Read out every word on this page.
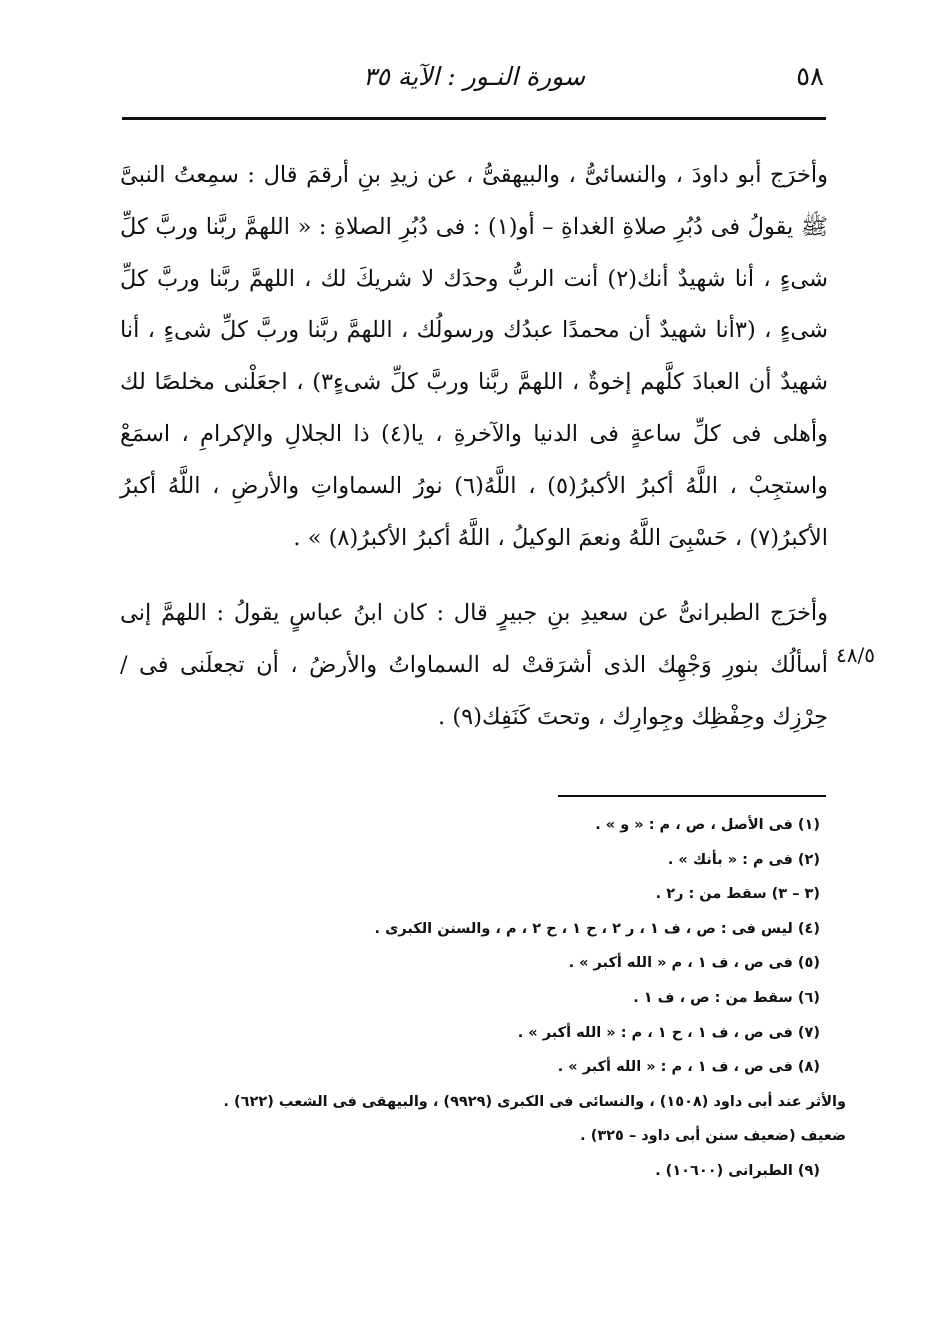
٥٨
سورة النـور : الآية ٣٥

وأخرَج أبو داودَ ، والنسائىُّ ، والبيهقىُّ ، عن زيدِ بنِ أرقمَ قال : سمِعتُ النبىَّ ﷺ يقولُ فى دُبُرِ صلاةِ الغداةِ – أو(١) : فى دُبُرِ الصلاةِ : « اللهمَّ ربَّنا وربَّ كلِّ شىءٍ ، أنا شهيدٌ أنك(٢) أنت الربُّ وحدَك لا شريكَ لك ، اللهمَّ ربَّنا وربَّ كلِّ شىءٍ ، (٣أنا شهيدٌ أن محمدًا عبدُك ورسولُك ، اللهمَّ ربَّنا وربَّ كلِّ شىءٍ ، أنا شهيدٌ أن العبادَ كلَّهم إخوةٌ ، اللهمَّ ربَّنا وربَّ كلِّ شىءٍ٣) ، اجعَلْنى مخلصًا لك وأهلى فى كلِّ ساعةٍ فى الدنيا والآخرةِ ، يا(٤) ذا الجلالِ والإكرامِ ، اسمَعْ واستجِبْ ، اللَّهُ أكبرُ الأكبرُ(٥) ، اللَّهُ(٦) نورُ السماواتِ والأرضِ ، اللَّهُ أكبرُ الأكبرُ(٧) ، حَسْبِىَ اللَّهُ ونعمَ الوكيلُ ، اللَّهُ أكبرُ الأكبرُ(٨) » .

وأخرَج الطبرانىُّ عن سعيدِ بنِ جبيرٍ قال : كان ابنُ عباسٍ يقولُ : اللهمَّ إنى أسألُك بنورِ وَجْهِك الذى أشرَقتْ له السماواتُ والأرضُ ، أن تجعلَنى فى /حِرْزِك وحِفْظِك وجِوارِك ، وتحتَ كَنَفِك(٩) .

٤٨/٥
(١) فى الأصل ، ص ، م : « و » .
(٢) فى م : « بأنك » .
(٣ – ٣) سقط من : ر٢ .
(٤) ليس فى : ص ، ف ١ ، ر ٢ ، ح ١ ، ح ٢ ، م ، والسنن الكبرى .
(٥) فى ص ، ف ١ ، م « الله أكبر » .
(٦) سقط من : ص ، ف ١ .
(٧) فى ص ، ف ١ ، ح ١ ، م : « الله أكبر » .
(٨) فى ص ، ف ١ ، م : « الله أكبر » .
والأثر عند أبى داود (١٥٠٨) ، والنسائى فى الكبرى (٩٩٢٩) ، والبيهقى فى الشعب (٦٢٢) .
ضعيف (ضعيف سنن أبى داود – ٣٢٥) .
(٩) الطبرانى (١٠٦٠٠) .
